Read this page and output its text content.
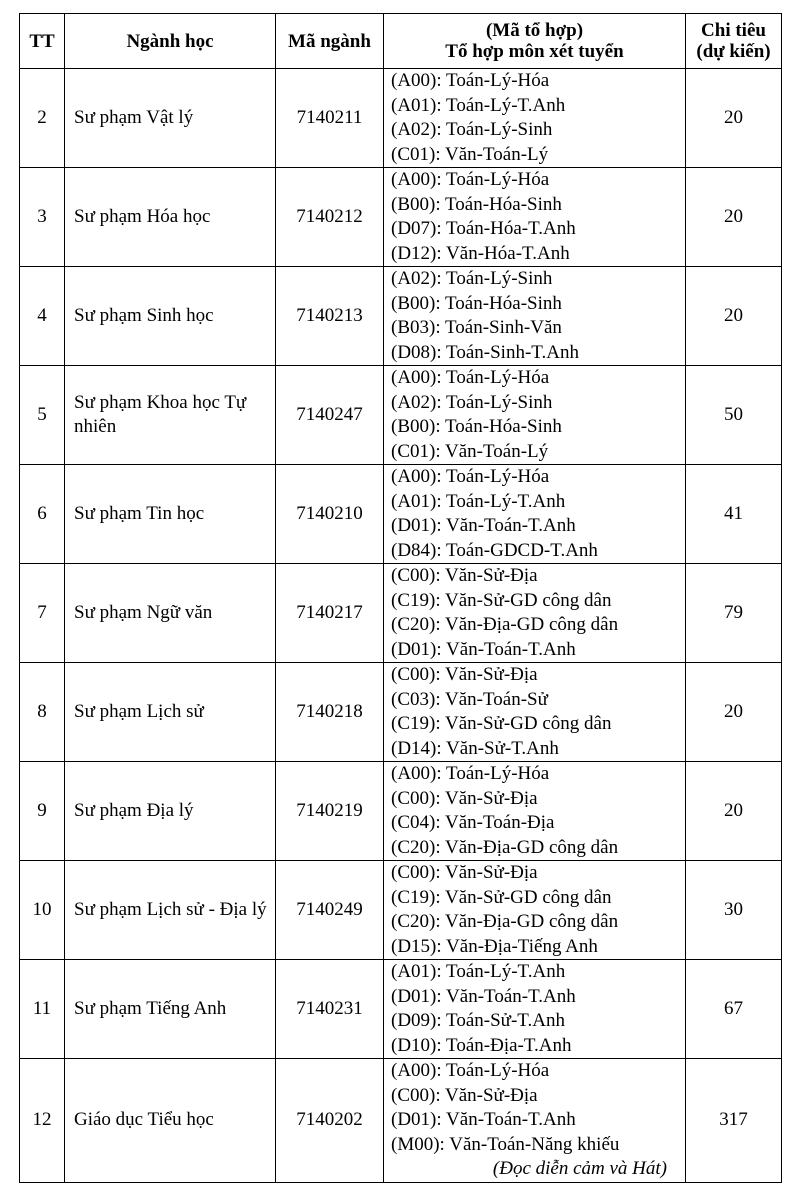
TT	Ngành học	Mã ngành	(Mã tổ hợp)
Tổ hợp môn xét tuyển	Chi tiêu
(dự kiến)

2	Sư phạm Vật lý	7140211	(A00): Toán-Lý-Hóa
(A01): Toán-Lý-T.Anh
(A02): Toán-Lý-Sinh
(C01): Văn-Toán-Lý	20
3	Sư phạm Hóa học	7140212	(A00): Toán-Lý-Hóa
(B00): Toán-Hóa-Sinh
(D07): Toán-Hóa-T.Anh
(D12): Văn-Hóa-T.Anh	20
4	Sư phạm Sinh học	7140213	(A02): Toán-Lý-Sinh
(B00): Toán-Hóa-Sinh
(B03): Toán-Sinh-Văn
(D08): Toán-Sinh-T.Anh	20
5	Sư phạm Khoa học Tự nhiên	7140247	(A00): Toán-Lý-Hóa
(A02): Toán-Lý-Sinh
(B00): Toán-Hóa-Sinh
(C01): Văn-Toán-Lý	50
6	Sư phạm Tin học	7140210	(A00): Toán-Lý-Hóa
(A01): Toán-Lý-T.Anh
(D01): Văn-Toán-T.Anh
(D84): Toán-GDCD-T.Anh	41
7	Sư phạm Ngữ văn	7140217	(C00): Văn-Sử-Địa
(C19): Văn-Sử-GD công dân
(C20): Văn-Địa-GD công dân
(D01): Văn-Toán-T.Anh	79
8	Sư phạm Lịch sử	7140218	(C00): Văn-Sử-Địa
(C03): Văn-Toán-Sử
(C19): Văn-Sử-GD công dân
(D14): Văn-Sử-T.Anh	20
9	Sư phạm Địa lý	7140219	(A00): Toán-Lý-Hóa
(C00): Văn-Sử-Địa
(C04): Văn-Toán-Địa
(C20): Văn-Địa-GD công dân	20
10	Sư phạm Lịch sử - Địa lý	7140249	(C00): Văn-Sử-Địa
(C19): Văn-Sử-GD công dân
(C20): Văn-Địa-GD công dân
(D15): Văn-Địa-Tiếng Anh	30
11	Sư phạm Tiếng Anh	7140231	(A01): Toán-Lý-T.Anh
(D01): Văn-Toán-T.Anh
(D09): Toán-Sử-T.Anh
(D10): Toán-Địa-T.Anh	67
12	Giáo dục Tiểu học	7140202	(A00): Toán-Lý-Hóa
(C00): Văn-Sử-Địa
(D01): Văn-Toán-T.Anh
(M00): Văn-Toán-Năng khiếu
(Đọc diễn cảm và Hát)	317
